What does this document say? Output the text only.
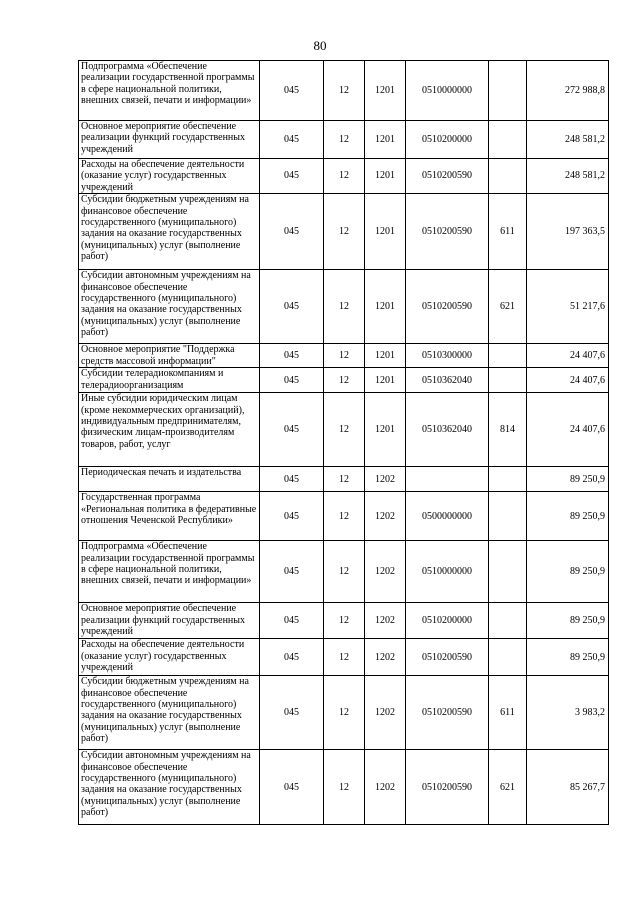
80
Подпрограмма «Обеспечение реализации государственной программы в сфере национальной политики, внешних связей, печати и информации»	045	12	1201	0510000000		272 988,8
Основное мероприятие обеспечение реализации функций государственных учреждений	045	12	1201	0510200000		248 581,2
Расходы на обеспечение деятельности (оказание услуг) государственных учреждений	045	12	1201	0510200590		248 581,2
Субсидии бюджетным учреждениям на финансовое обеспечение государственного (муниципального) задания на оказание государственных (муниципальных) услуг (выполнение работ)	045	12	1201	0510200590	611	197 363,5
Субсидии автономным учреждениям на финансовое обеспечение государственного (муниципального) задания на оказание государственных (муниципальных) услуг (выполнение работ)	045	12	1201	0510200590	621	51 217,6
Основное мероприятие "Поддержка средств массовой информации"	045	12	1201	0510300000		24 407,6
Субсидии телерадиокомпаниям и телерадиоорганизациям	045	12	1201	0510362040		24 407,6
Иные субсидии юридическим лицам (кроме некоммерческих организаций), индивидуальным предпринимателям, физическим лицам-производителям товаров, работ, услуг	045	12	1201	0510362040	814	24 407,6
Периодическая печать и издательства	045	12	1202			89 250,9
Государственная программа «Региональная политика в федеративные отношения Чеченской Республики»	045	12	1202	0500000000		89 250,9
Подпрограмма «Обеспечение реализации государственной программы в сфере национальной политики, внешних связей, печати и информации»	045	12	1202	0510000000		89 250,9
Основное мероприятие обеспечение реализации функций государственных учреждений	045	12	1202	0510200000		89 250,9
Расходы на обеспечение деятельности (оказание услуг) государственных учреждений	045	12	1202	0510200590		89 250,9
Субсидии бюджетным учреждениям на финансовое обеспечение государственного (муниципального) задания на оказание государственных (муниципальных) услуг (выполнение работ)	045	12	1202	0510200590	611	3 983,2
Субсидии автономным учреждениям на финансовое обеспечение государственного (муниципального) задания на оказание государственных (муниципальных) услуг (выполнение работ)	045	12	1202	0510200590	621	85 267,7
